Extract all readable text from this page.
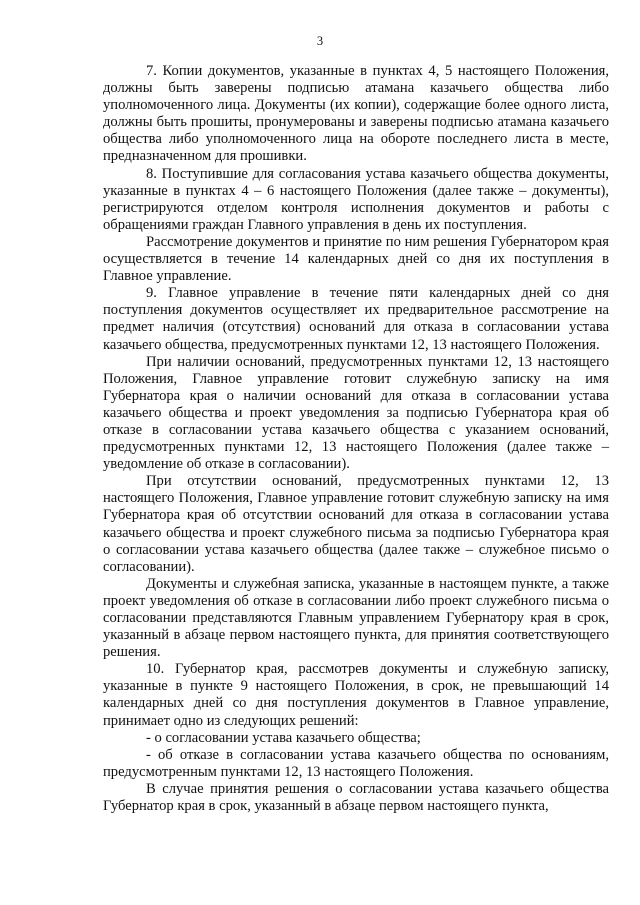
3

7. Копии документов, указанные в пунктах 4, 5 настоящего Положения, должны быть заверены подписью атамана казачьего общества либо уполномоченного лица. Документы (их копии), содержащие более одного листа, должны быть прошиты, пронумерованы и заверены подписью атамана казачьего общества либо уполномоченного лица на обороте последнего листа в месте, предназначенном для прошивки.

8. Поступившие для согласования устава казачьего общества документы, указанные в пунктах 4 – 6 настоящего Положения (далее также – документы), регистрируются отделом контроля исполнения документов и работы с обращениями граждан Главного управления в день их поступления.

Рассмотрение документов и принятие по ним решения Губернатором края осуществляется в течение 14 календарных дней со дня их поступления в Главное управление.

9. Главное управление в течение пяти календарных дней со дня поступления документов осуществляет их предварительное рассмотрение на предмет наличия (отсутствия) оснований для отказа в согласовании устава казачьего общества, предусмотренных пунктами 12, 13 настоящего Положения.

При наличии оснований, предусмотренных пунктами 12, 13 настоящего Положения, Главное управление готовит служебную записку на имя Губернатора края о наличии оснований для отказа в согласовании устава казачьего общества и проект уведомления за подписью Губернатора края об отказе в согласовании устава казачьего общества с указанием оснований, предусмотренных пунктами 12, 13 настоящего Положения (далее также – уведомление об отказе в согласовании).

При отсутствии оснований, предусмотренных пунктами 12, 13 настоящего Положения, Главное управление готовит служебную записку на имя Губернатора края об отсутствии оснований для отказа в согласовании устава казачьего общества и проект служебного письма за подписью Губернатора края о согласовании устава казачьего общества (далее также – служебное письмо о согласовании).

Документы и служебная записка, указанные в настоящем пункте, а также проект уведомления об отказе в согласовании либо проект служебного письма о согласовании представляются Главным управлением Губернатору края в срок, указанный в абзаце первом настоящего пункта, для принятия соответствующего решения.

10. Губернатор края, рассмотрев документы и служебную записку, указанные в пункте 9 настоящего Положения, в срок, не превышающий 14 календарных дней со дня поступления документов в Главное управление, принимает одно из следующих решений:

- о согласовании устава казачьего общества;

- об отказе в согласовании устава казачьего общества по основаниям, предусмотренным пунктами 12, 13 настоящего Положения.

В случае принятия решения о согласовании устава казачьего общества Губернатор края в срок, указанный в абзаце первом настоящего пункта,
